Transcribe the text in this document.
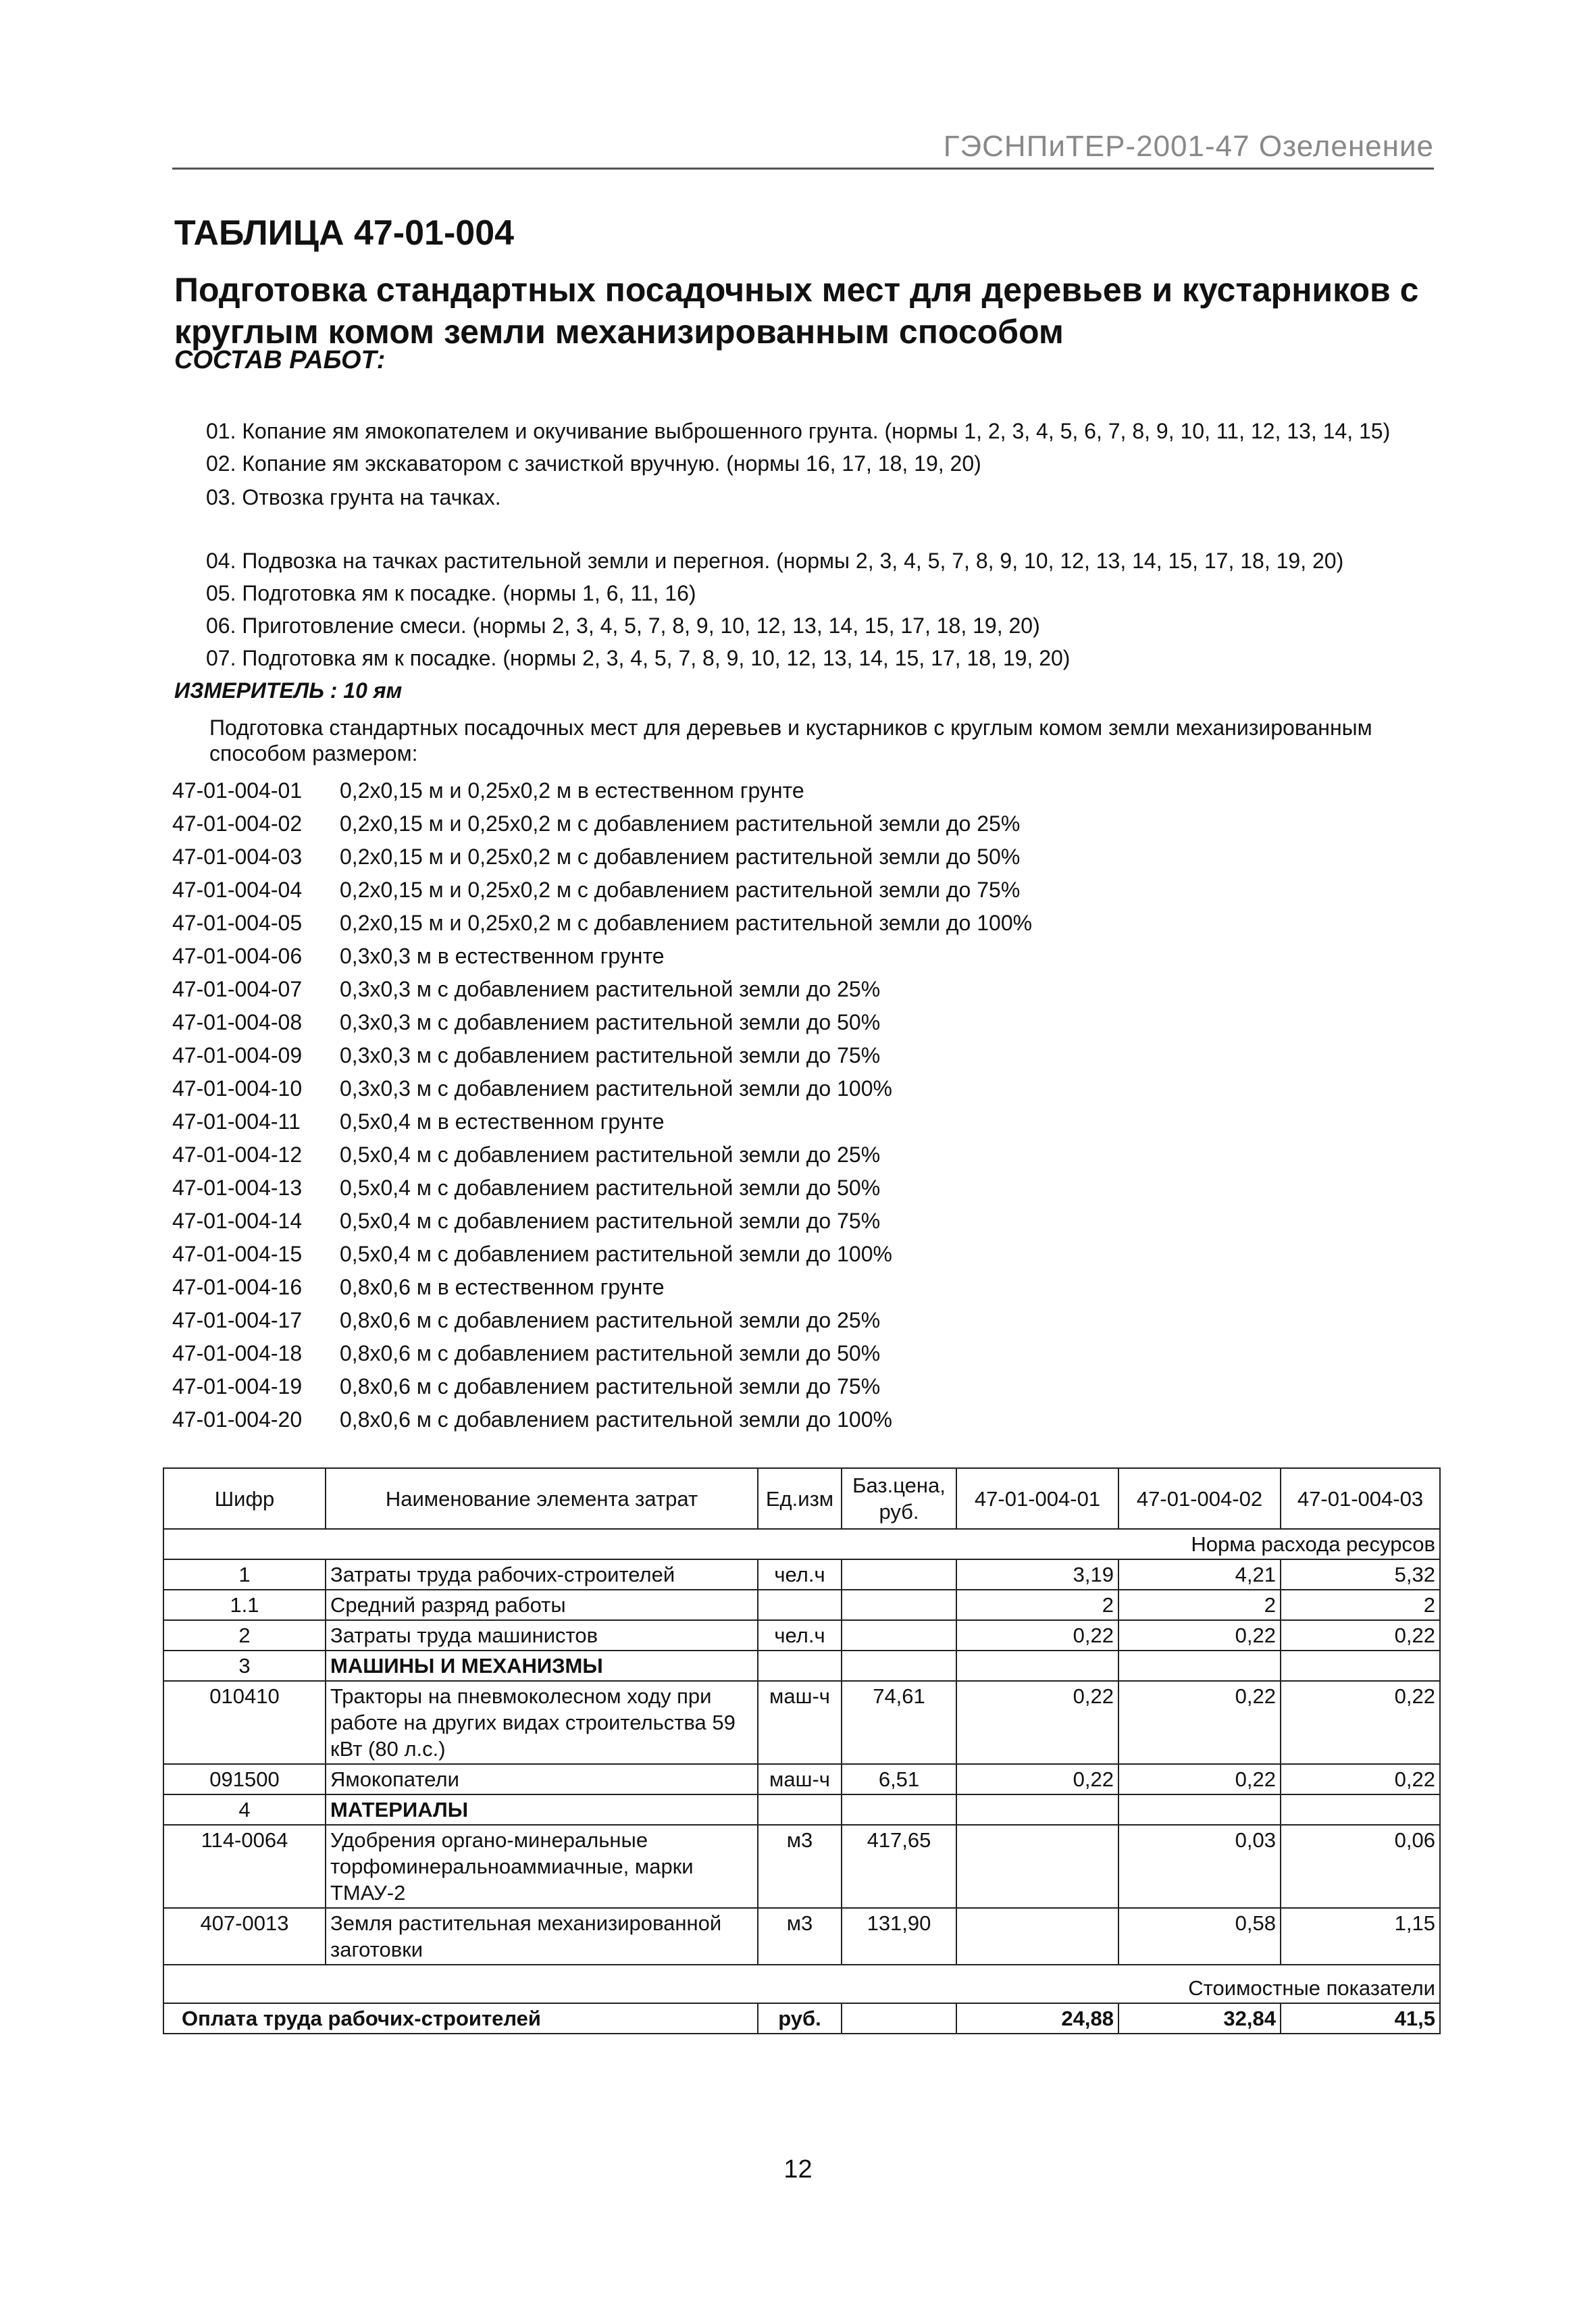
ГЭСНПиТЕР-2001-47 Озеленение
ТАБЛИЦА 47-01-004
Подготовка стандартных посадочных мест для деревьев и кустарников с круглым комом земли механизированным способом
СОСТАВ РАБОТ:
01. Копание ям ямокопателем и окучивание выброшенного грунта. (нормы 1, 2, 3, 4, 5, 6, 7, 8, 9, 10, 11, 12, 13, 14, 15)
02. Копание ям экскаватором с зачисткой вручную. (нормы 16, 17, 18, 19, 20)
03. Отвозка грунта на тачках.
04. Подвозка на тачках растительной земли и перегноя. (нормы 2, 3, 4, 5, 7, 8, 9, 10, 12, 13, 14, 15, 17, 18, 19, 20)
05. Подготовка ям к посадке. (нормы 1, 6, 11, 16)
06. Приготовление смеси. (нормы 2, 3, 4, 5, 7, 8, 9, 10, 12, 13, 14, 15, 17, 18, 19, 20)
07. Подготовка ям к посадке. (нормы 2, 3, 4, 5, 7, 8, 9, 10, 12, 13, 14, 15, 17, 18, 19, 20)
ИЗМЕРИТЕЛЬ : 10 ям
Подготовка стандартных посадочных мест для деревьев и кустарников с круглым комом земли механизированным способом размером:
47-01-004-01 0,2х0,15 м и 0,25х0,2 м в естественном грунте
47-01-004-02 0,2х0,15 м и 0,25х0,2 м с добавлением растительной земли до 25%
47-01-004-03 0,2х0,15 м и 0,25х0,2 м с добавлением растительной земли до 50%
47-01-004-04 0,2х0,15 м и 0,25х0,2 м с добавлением растительной земли до 75%
47-01-004-05 0,2х0,15 м и 0,25х0,2 м с добавлением растительной земли до 100%
47-01-004-06 0,3х0,3 м в естественном грунте
47-01-004-07 0,3х0,3 м с добавлением растительной земли до 25%
47-01-004-08 0,3х0,3 м с добавлением растительной земли до 50%
47-01-004-09 0,3х0,3 м с добавлением растительной земли до 75%
47-01-004-10 0,3х0,3 м с добавлением растительной земли до 100%
47-01-004-11 0,5х0,4 м в естественном грунте
47-01-004-12 0,5х0,4 м с добавлением растительной земли до 25%
47-01-004-13 0,5х0,4 м с добавлением растительной земли до 50%
47-01-004-14 0,5х0,4 м с добавлением растительной земли до 75%
47-01-004-15 0,5х0,4 м с добавлением растительной земли до 100%
47-01-004-16 0,8х0,6 м в естественном грунте
47-01-004-17 0,8х0,6 м с добавлением растительной земли до 25%
47-01-004-18 0,8х0,6 м с добавлением растительной земли до 50%
47-01-004-19 0,8х0,6 м с добавлением растительной земли до 75%
47-01-004-20 0,8х0,6 м с добавлением растительной земли до 100%
Шифр	Наименование элемента затрат	Ед.изм	Баз.цена, руб.	47-01-004-01	47-01-004-02	47-01-004-03
Норма расхода ресурсов						
1	Затраты труда рабочих-строителей	чел.ч		3,19	4,21	5,32
1.1	Средний разряд работы			2	2	2
2	Затраты труда машинистов	чел.ч		0,22	0,22	0,22
3	МАШИНЫ И МЕХАНИЗМЫ					
010410	Тракторы на пневмоколесном ходу при работе на других видах строительства 59 кВт (80 л.с.)	маш-ч	74,61	0,22	0,22	0,22
091500	Ямокопатели	маш-ч	6,51	0,22	0,22	0,22
4	МАТЕРИАЛЫ					
114-0064	Удобрения органо-минеральные торфоминеральноаммиачные, марки ТМАУ-2	м3	417,65		0,03	0,06
407-0013	Земля растительная механизированной заготовки	м3	131,90		0,58	1,15
Стоимостные показатели						
Оплата труда рабочих-строителей		руб.		24,88	32,84	41,5
12
